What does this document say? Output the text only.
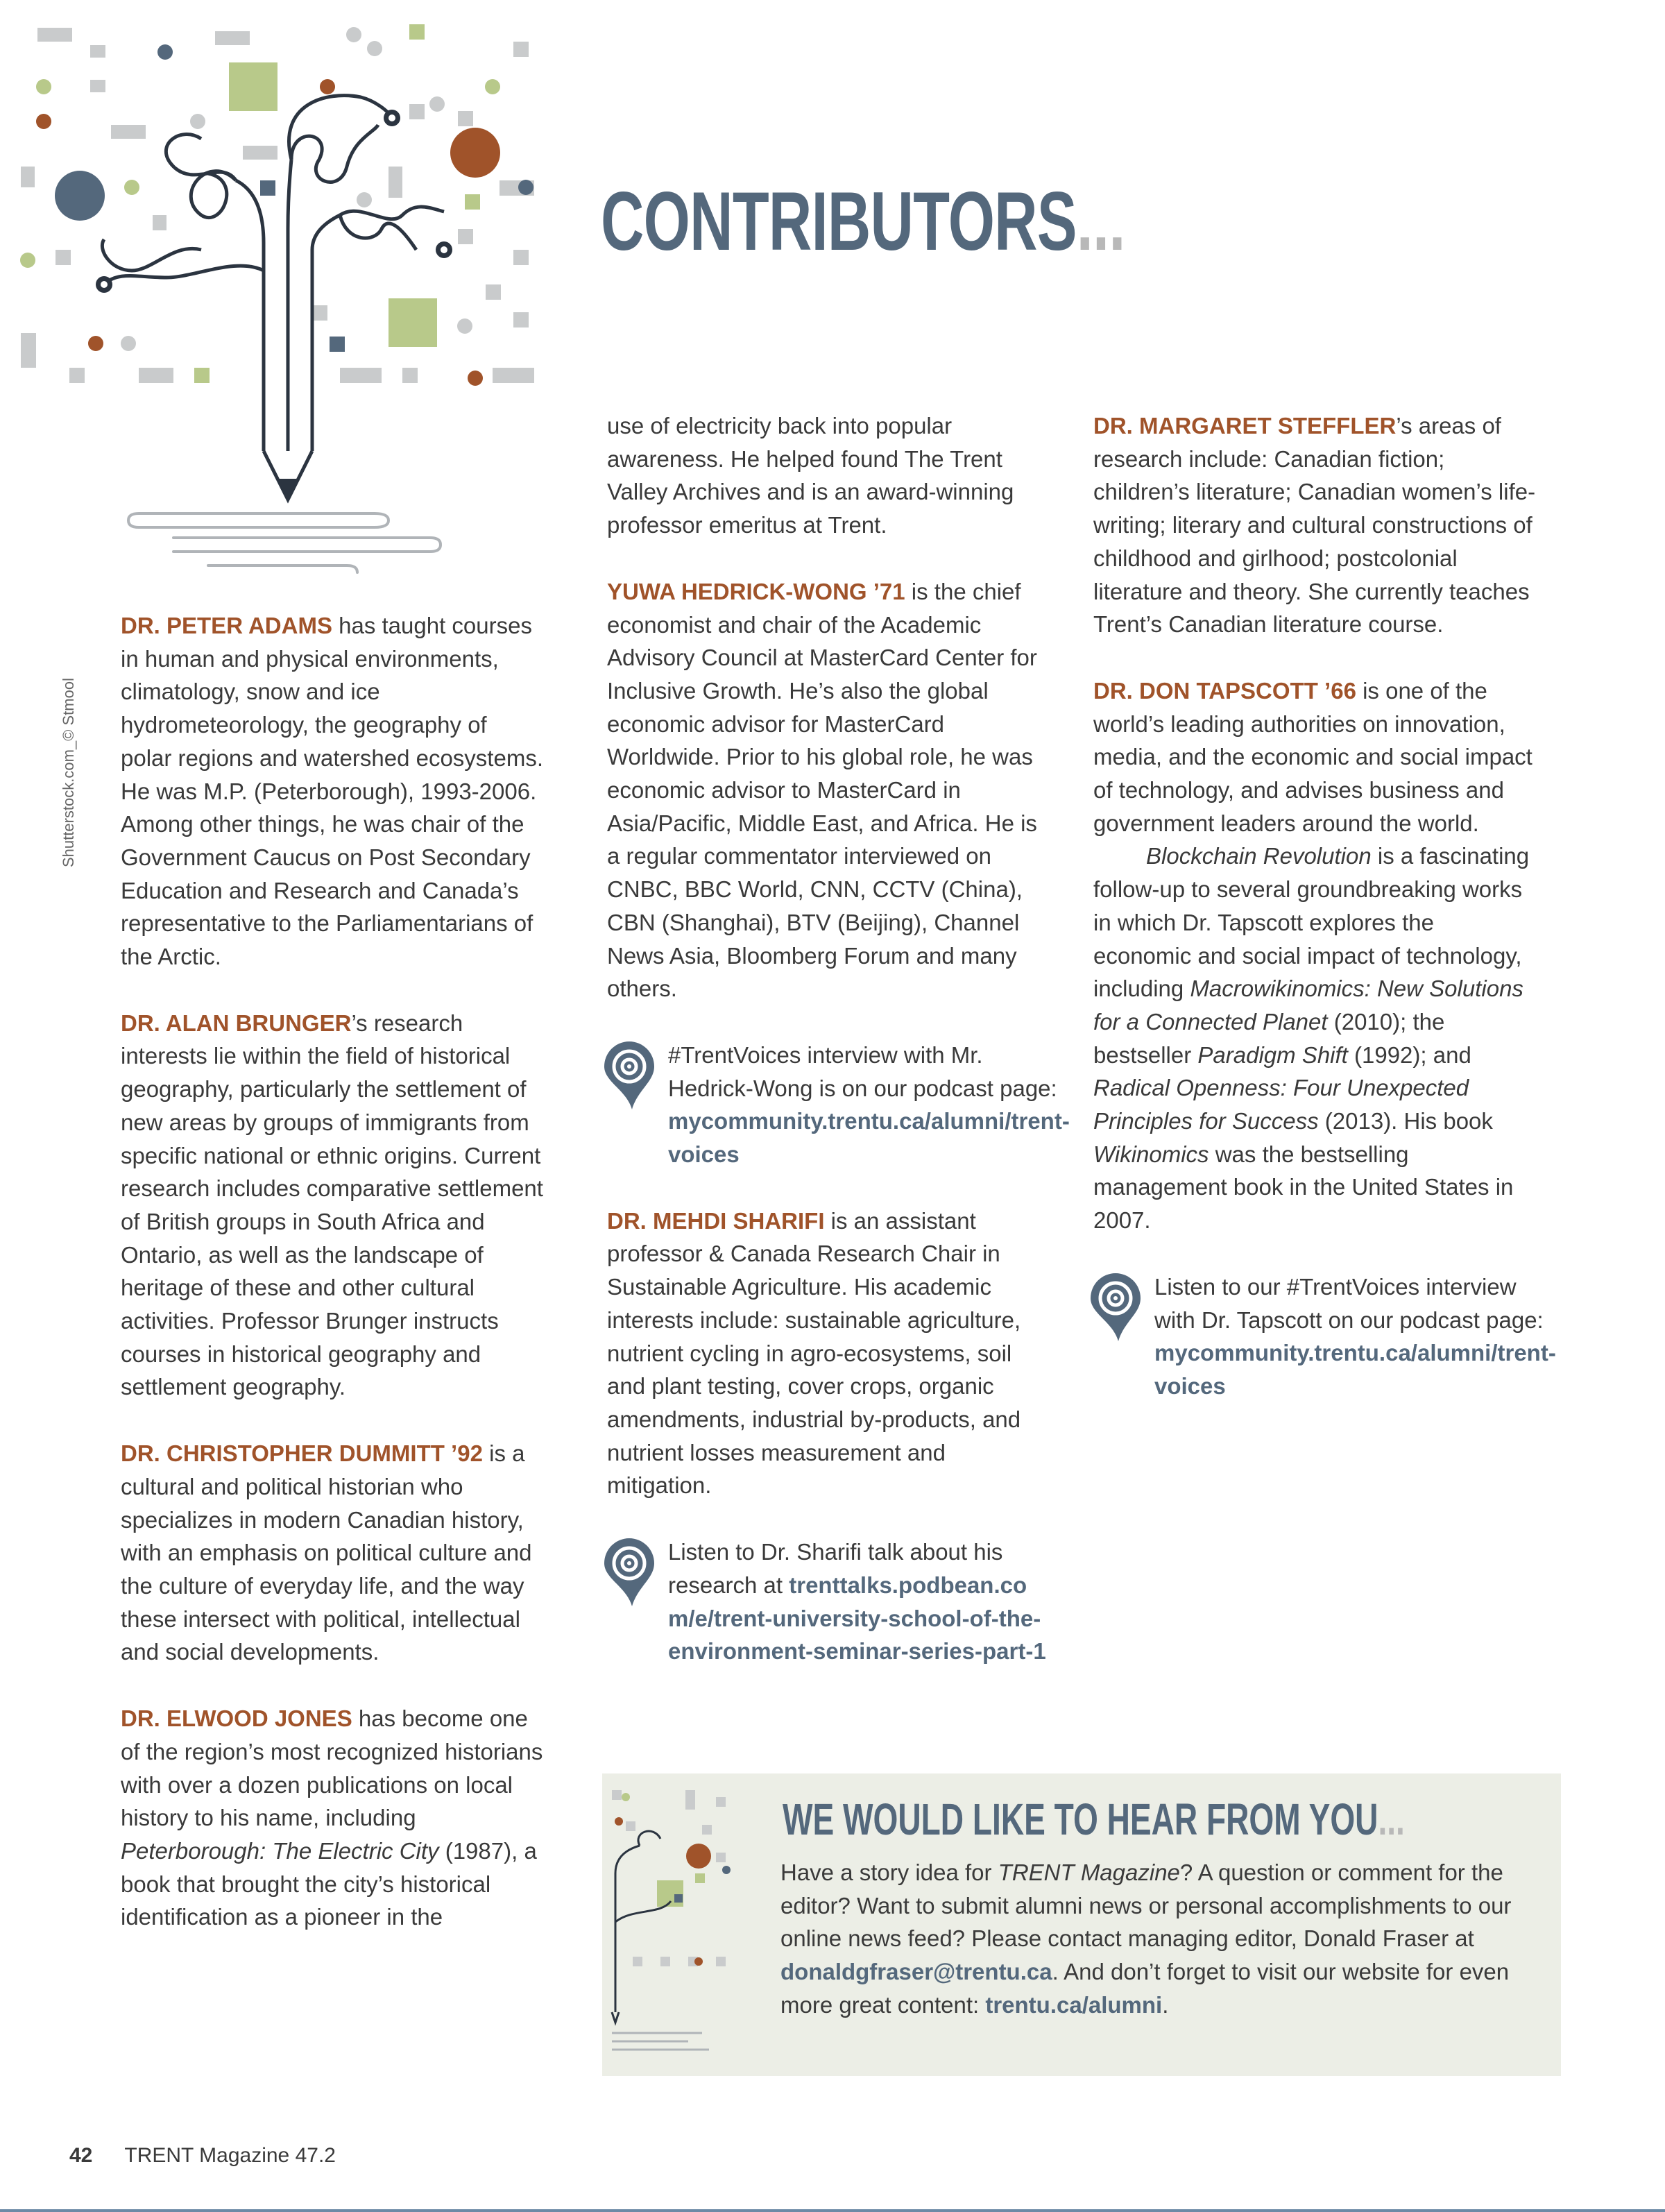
CONTRIBUTORS...
Shutterstock.com_© Stmool

DR. PETER ADAMS has taught courses in human and physical environments, climatology, snow and ice hydrometeorology, the geography of polar regions and watershed ecosystems. He was M.P. (Peterborough), 1993-2006. Among other things, he was chair of the Government Caucus on Post Secondary Education and Research and Canada’s representative to the Parliamentarians of the Arctic.

DR. ALAN BRUNGER’s research interests lie within the field of historical geography, particularly the settlement of new areas by groups of immigrants from specific national or ethnic origins. Current research includes comparative settlement of British groups in South Africa and Ontario, as well as the landscape of heritage of these and other cultural activities. Professor Brunger instructs courses in historical geography and settlement geography.

DR. CHRISTOPHER DUMMITT ’92 is a cultural and political historian who specializes in modern Canadian history, with an emphasis on political culture and the culture of everyday life, and the way these intersect with political, intellectual and social developments.

DR. ELWOOD JONES has become one of the region’s most recognized historians with over a dozen publications on local history to his name, including Peterborough: The Electric City (1987), a book that brought the city’s historical identification as a pioneer in the

use of electricity back into popular awareness. He helped found The Trent Valley Archives and is an award-winning professor emeritus at Trent.

YUWA HEDRICK-WONG ’71 is the chief economist and chair of the Academic Advisory Council at MasterCard Center for Inclusive Growth. He’s also the global economic advisor for MasterCard Worldwide. Prior to his global role, he was economic advisor to MasterCard in Asia/Pacific, Middle East, and Africa. He is a regular commentator interviewed on CNBC, BBC World, CNN, CCTV (China), CBN (Shanghai), BTV (Beijing), Channel News Asia, Bloomberg Forum and many others.

#TrentVoices interview with Mr. Hedrick-Wong is on our podcast page: mycommunity.trentu.ca/alumni/trent-voices

DR. MEHDI SHARIFI is an assistant professor & Canada Research Chair in Sustainable Agriculture. His academic interests include: sustainable agriculture, nutrient cycling in agro-ecosystems, soil and plant testing, cover crops, organic amendments, industrial by-products, and nutrient losses measurement and mitigation.

Listen to Dr. Sharifi talk about his research at trenttalks.podbean.com/e/trent-university-school-of-the-environment-seminar-series-part-1

DR. MARGARET STEFFLER’s areas of research include: Canadian fiction; children’s literature; Canadian women’s life-writing; literary and cultural constructions of childhood and girlhood; postcolonial literature and theory. She currently teaches Trent’s Canadian literature course.

DR. DON TAPSCOTT ’66 is one of the world’s leading authorities on innovation, media, and the economic and social impact of technology, and advises business and government leaders around the world.
Blockchain Revolution is a fascinating follow-up to several groundbreaking works in which Dr. Tapscott explores the economic and social impact of technology, including Macrowikinomics: New Solutions for a Connected Planet (2010); the bestseller Paradigm Shift (1992); and Radical Openness: Four Unexpected Principles for Success (2013). His book Wikinomics was the bestselling management book in the United States in 2007.

Listen to our #TrentVoices interview with Dr. Tapscott on our podcast page: mycommunity.trentu.ca/alumni/trent-voices
WE WOULD LIKE TO HEAR FROM YOU...
Have a story idea for TRENT Magazine? A question or comment for the editor? Want to submit alumni news or personal accomplishments to our online news feed? Please contact managing editor, Donald Fraser at donaldgfraser@trentu.ca. And don’t forget to visit our website for even more great content: trentu.ca/alumni.
42 TRENT Magazine 47.2
